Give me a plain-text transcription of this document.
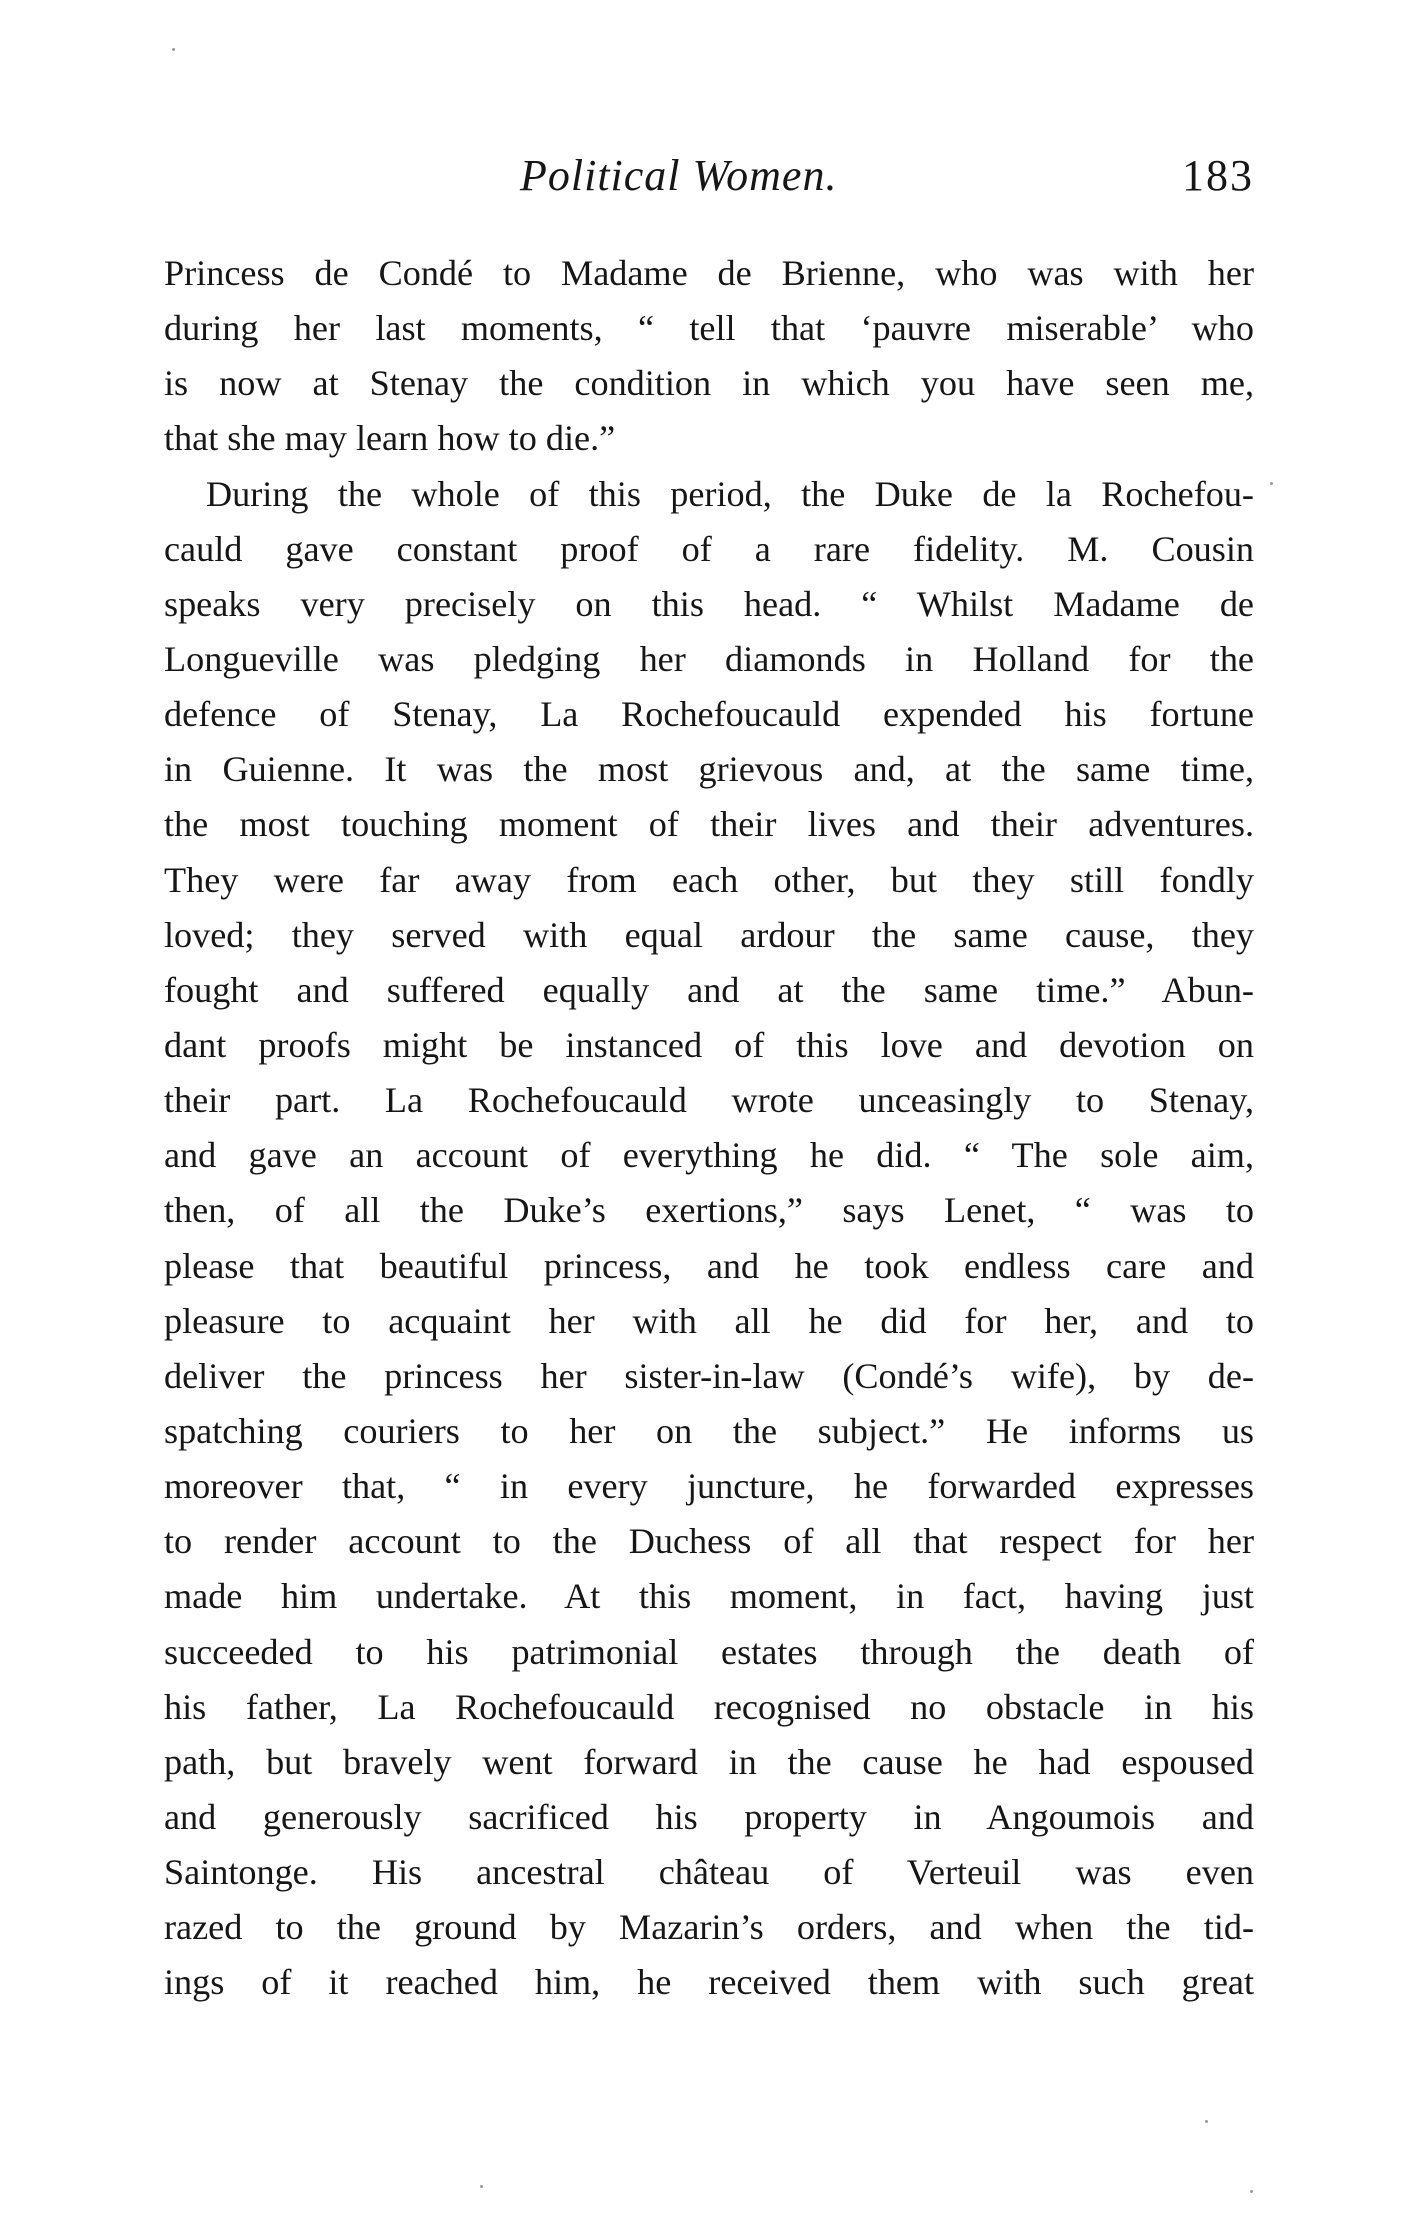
Political Women.	183
Princess de Condé to Madame de Brienne, who was with her
during her last moments, “ tell that ‘pauvre miserable’ who
is now at Stenay the condition in which you have seen me,
that she may learn how to die.”
During the whole of this period, the Duke de la Rochefou-
cauld gave constant proof of a rare fidelity. M. Cousin
speaks very precisely on this head. “ Whilst Madame de
Longueville was pledging her diamonds in Holland for the
defence of Stenay, La Rochefoucauld expended his fortune
in Guienne. It was the most grievous and, at the same time,
the most touching moment of their lives and their adventures.
They were far away from each other, but they still fondly
loved; they served with equal ardour the same cause, they
fought and suffered equally and at the same time.” Abun-
dant proofs might be instanced of this love and devotion on
their part. La Rochefoucauld wrote unceasingly to Stenay,
and gave an account of everything he did. “ The sole aim,
then, of all the Duke’s exertions,” says Lenet, “ was to
please that beautiful princess, and he took endless care and
pleasure to acquaint her with all he did for her, and to
deliver the princess her sister-in-law (Condé’s wife), by de-
spatching couriers to her on the subject.” He informs us
moreover that, “ in every juncture, he forwarded expresses
to render account to the Duchess of all that respect for her
made him undertake. At this moment, in fact, having just
succeeded to his patrimonial estates through the death of
his father, La Rochefoucauld recognised no obstacle in his
path, but bravely went forward in the cause he had espoused
and generously sacrificed his property in Angoumois and
Saintonge. His ancestral château of Verteuil was even
razed to the ground by Mazarin’s orders, and when the tid-
ings of it reached him, he received them with such great
